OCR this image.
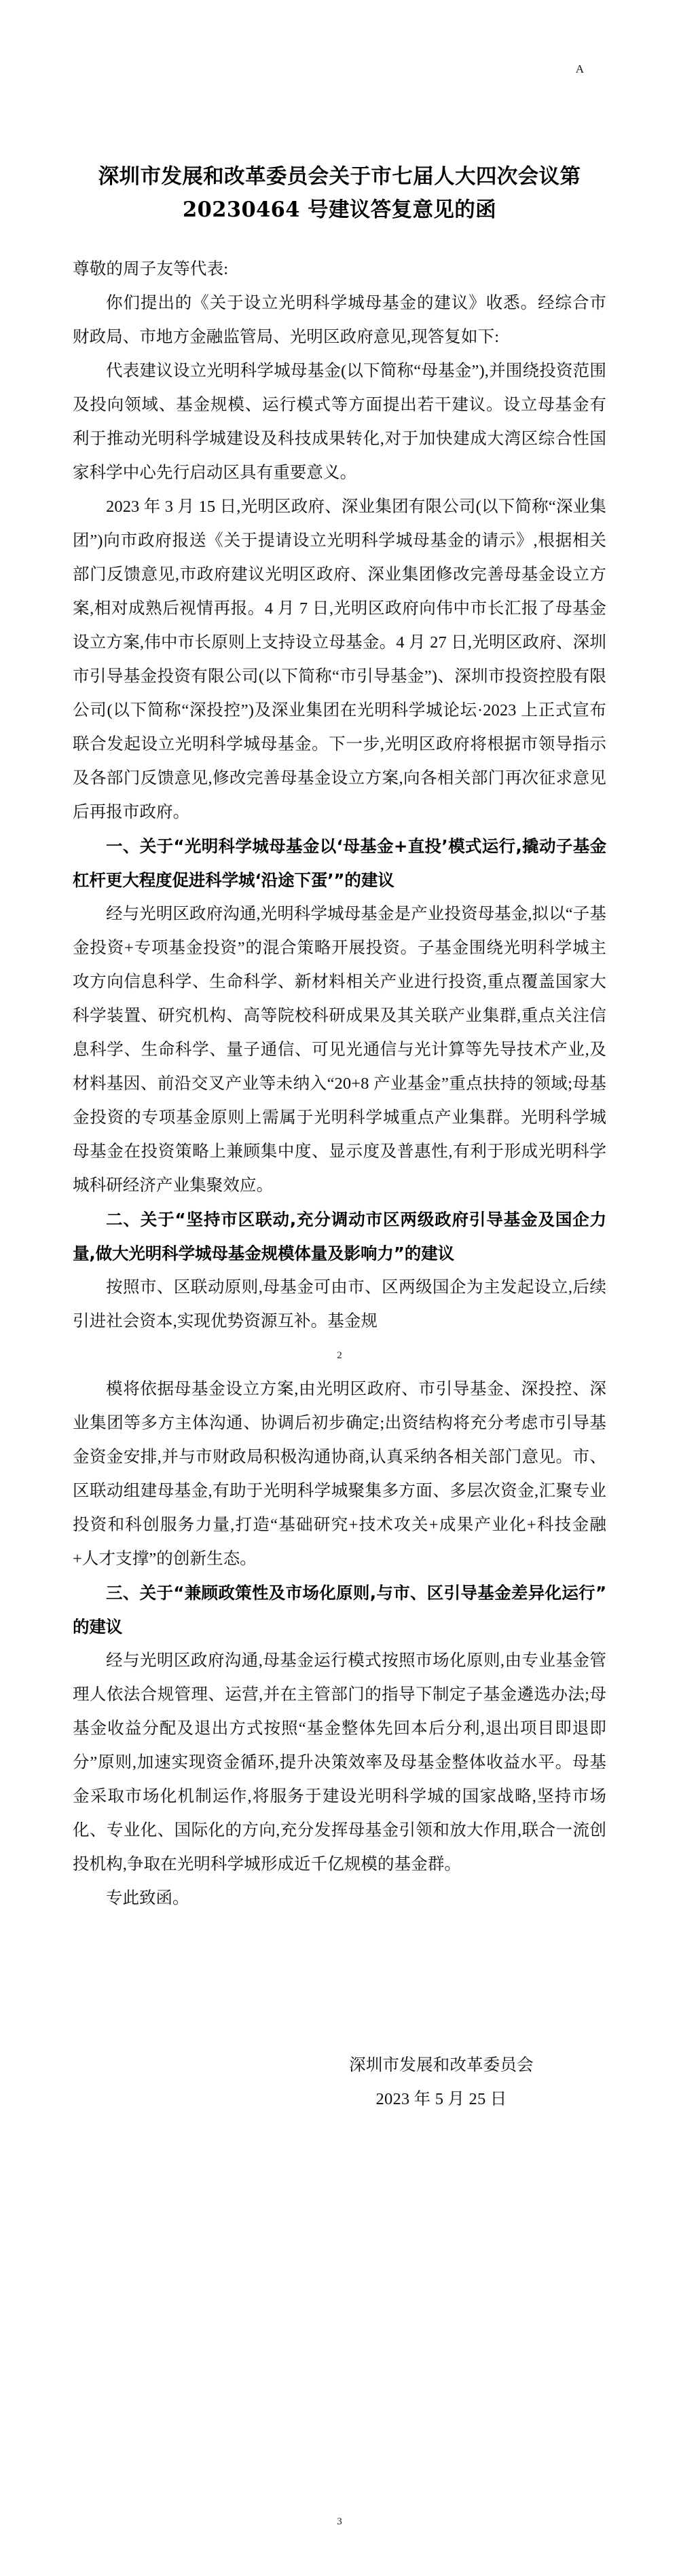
A
深圳市发展和改革委员会关于市七届人大四次会议第 20230464 号建议答复意见的函
尊敬的周子友等代表:

你们提出的《关于设立光明科学城母基金的建议》收悉。经综合市财政局、市地方金融监管局、光明区政府意见,现答复如下:

代表建议设立光明科学城母基金(以下简称“母基金”),并围绕投资范围及投向领域、基金规模、运行模式等方面提出若干建议。设立母基金有利于推动光明科学城建设及科技成果转化,对于加快建成大湾区综合性国家科学中心先行启动区具有重要意义。

2023 年 3 月 15 日,光明区政府、深业集团有限公司(以下简称“深业集团”)向市政府报送《关于提请设立光明科学城母基金的请示》,根据相关部门反馈意见,市政府建议光明区政府、深业集团修改完善母基金设立方案,相对成熟后视情再报。4 月 7 日,光明区政府向伟中市长汇报了母基金设立方案,伟中市长原则上支持设立母基金。4 月 27 日,光明区政府、深圳市引导基金投资有限公司(以下简称“市引导基金”)、深圳市投资控股有限公司(以下简称“深投控”)及深业集团在光明科学城论坛·2023 上正式宣布联合发起设立光明科学城母基金。下一步,光明区政府将根据市领导指示及各部门反馈意见,修改完善母基金设立方案,向各相关部门再次征求意见后再报市政府。

一、关于“光明科学城母基金以‘母基金+直投’模式运行,撬动子基金杠杆更大程度促进科学城‘沿途下蛋’”的建议

经与光明区政府沟通,光明科学城母基金是产业投资母基金,拟以“子基金投资+专项基金投资”的混合策略开展投资。子基金围绕光明科学城主攻方向信息科学、生命科学、新材料相关产业进行投资,重点覆盖国家大科学装置、研究机构、高等院校科研成果及其关联产业集群,重点关注信息科学、生命科学、量子通信、可见光通信与光计算等先导技术产业,及材料基因、前沿交叉产业等未纳入“20+8 产业基金”重点扶持的领域;母基金投资的专项基金原则上需属于光明科学城重点产业集群。光明科学城母基金在投资策略上兼顾集中度、显示度及普惠性,有利于形成光明科学城科研经济产业集聚效应。

二、关于“坚持市区联动,充分调动市区两级政府引导基金及国企力量,做大光明科学城母基金规模体量及影响力”的建议

按照市、区联动原则,母基金可由市、区两级国企为主发起设立,后续引进社会资本,实现优势资源互补。基金规

2

模将依据母基金设立方案,由光明区政府、市引导基金、深投控、深业集团等多方主体沟通、协调后初步确定;出资结构将充分考虑市引导基金资金安排,并与市财政局积极沟通协商,认真采纳各相关部门意见。市、区联动组建母基金,有助于光明科学城聚集多方面、多层次资金,汇聚专业投资和科创服务力量,打造“基础研究+技术攻关+成果产业化+科技金融+人才支撑”的创新生态。

三、关于“兼顾政策性及市场化原则,与市、区引导基金差异化运行”的建议

经与光明区政府沟通,母基金运行模式按照市场化原则,由专业基金管理人依法合规管理、运营,并在主管部门的指导下制定子基金遴选办法;母基金收益分配及退出方式按照“基金整体先回本后分利,退出项目即退即分”原则,加速实现资金循环,提升决策效率及母基金整体收益水平。母基金采取市场化机制运作,将服务于建设光明科学城的国家战略,坚持市场化、专业化、国际化的方向,充分发挥母基金引领和放大作用,联合一流创投机构,争取在光明科学城形成近千亿规模的基金群。

专此致函。

深圳市发展和改革委员会
2023 年 5 月 25 日
3
